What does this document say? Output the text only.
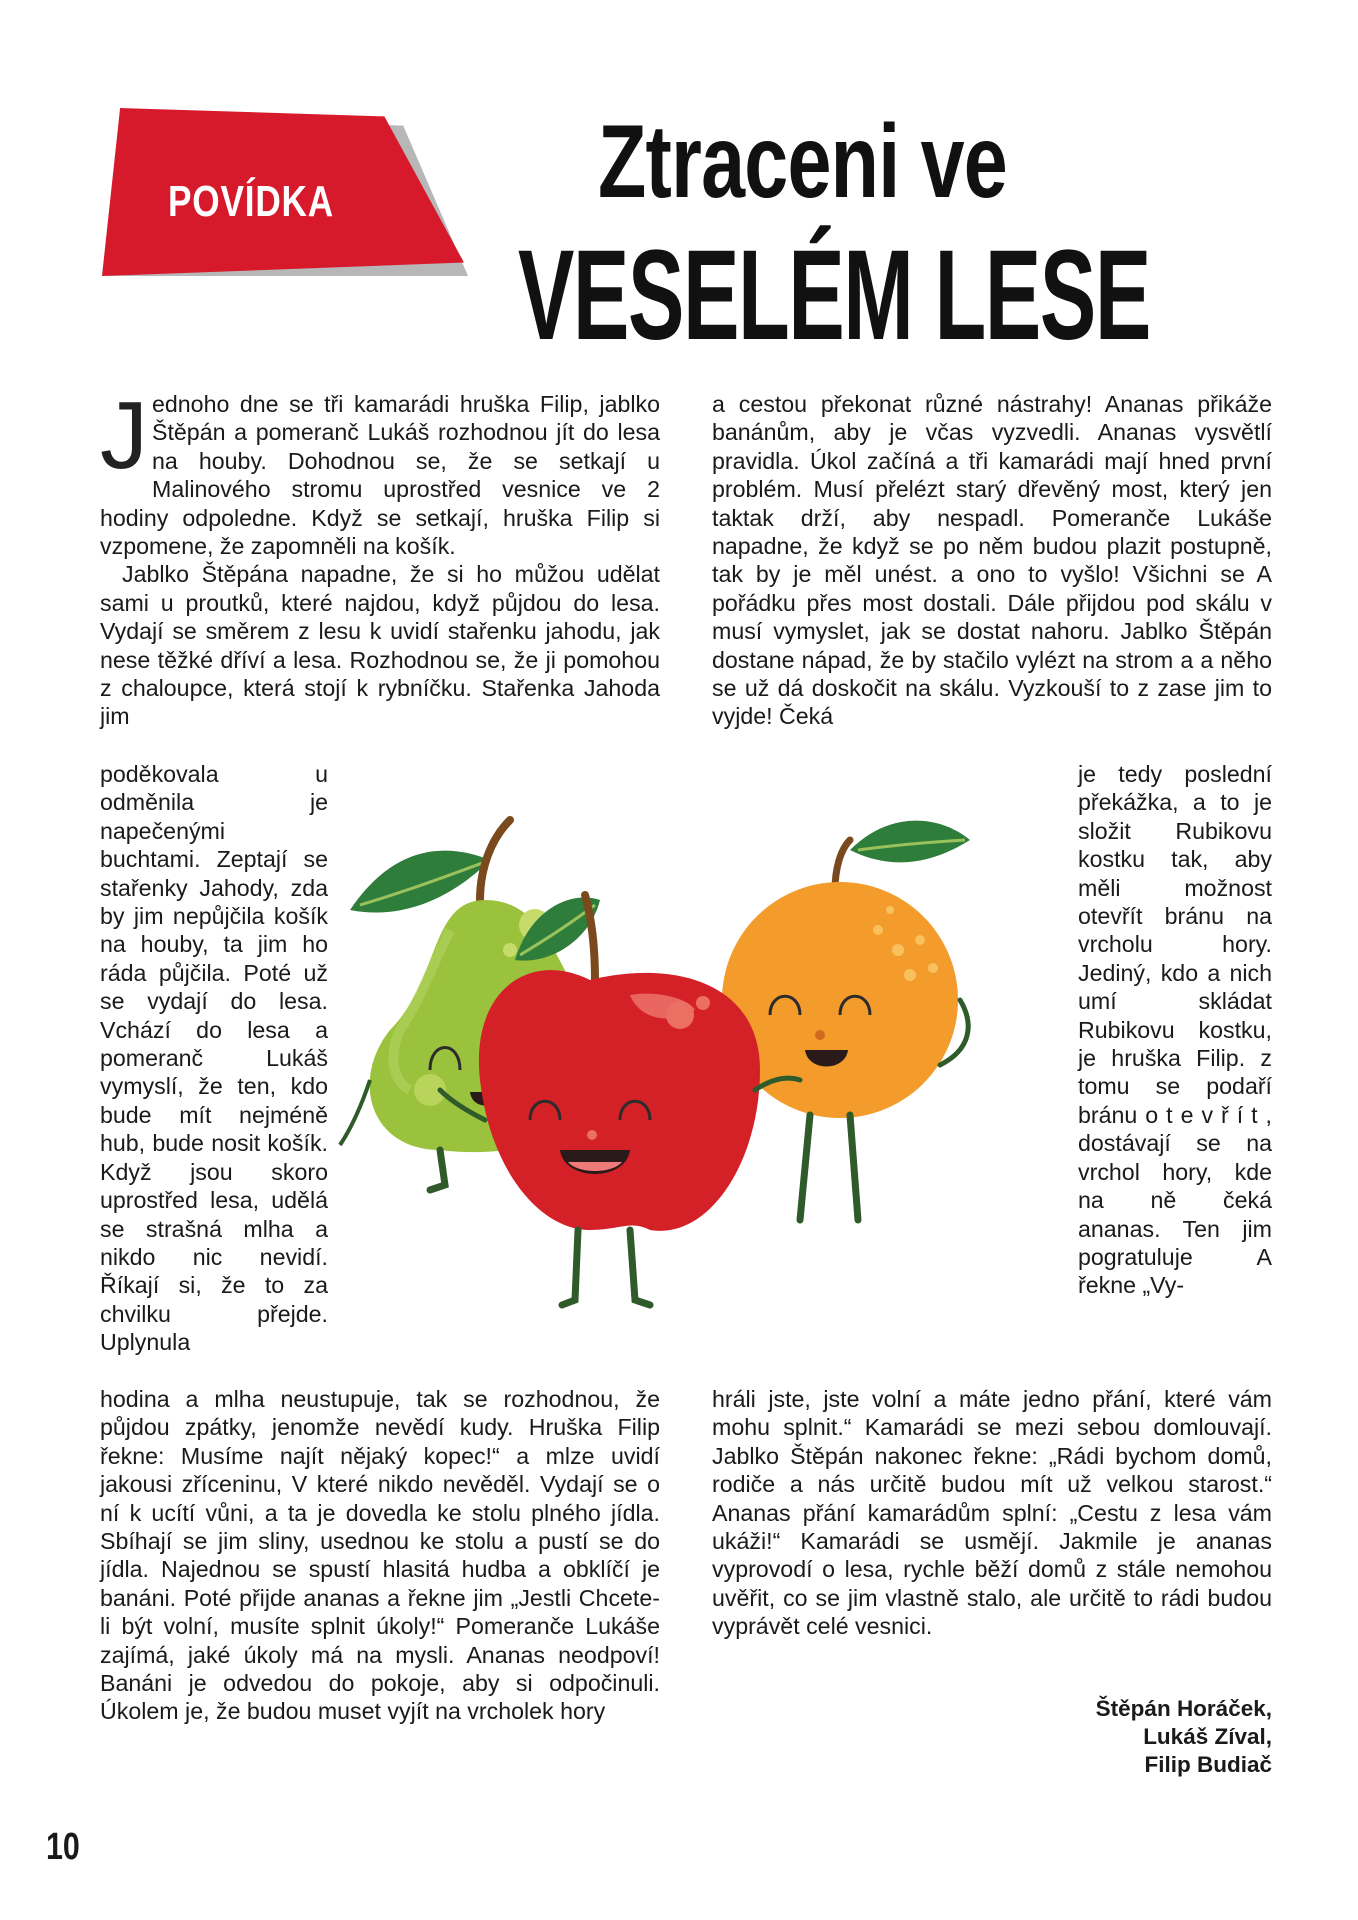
POVÍDKA	Ztraceni ve
VESELÉM LESE

Jednoho dne se tři kamarádi hruška Filip, jablko Štěpán a pomeranč Lukáš rozhodnou jít do lesa na houby. Dohodnou se, že se setkají u Malinového stromu uprostřed vesnice ve 2 hodiny odpoledne. Když se setkají, hruška Filip si vzpomene, že zapomněli na košík.

Jablko Štěpána napadne, že si ho můžou udělat sami u proutků, které najdou, když půjdou do lesa. Vydají se směrem z lesu k uvidí stařenku jahodu, jak nese těžké dříví a lesa. Rozhodnou se, že ji pomohou z chaloupce, která stojí k rybníčku. Stařenka Jahoda jim

poděkovala u odměnila je napečenými buchtami. Zeptají se stařenky Jahody, zda by jim nepůjčila košík na houby, ta jim ho ráda půjčila. Poté už se vydají do lesa. Vchází do lesa a pomeranč Lukáš vymyslí, že ten, kdo bude mít nejméně hub, bude nosit košík. Když jsou skoro uprostřed lesa, udělá se strašná mlha a nikdo nic nevidí. Říkají si, že to za chvilku přejde. Uplynula
hodina a mlha neustupuje, tak se rozhodnou, že půjdou zpátky, jenomže nevědí kudy. Hruška Filip řekne: Musíme najít nějaký kopec!“ a mlze uvidí jakousi zříceninu, V které nikdo nevěděl. Vydají se o ní k ucítí vůni, a ta je dovedla ke stolu plného jídla. Sbíhají se jim sliny, usednou ke stolu a pustí se do jídla. Najednou se spustí hlasitá hudba a obklíčí je banáni. Poté přijde ananas a řekne jim „Jestli Chcete-li být volní, musíte splnit úkoly!“ Pomeranče Lukáše zajímá, jaké úkoly má na mysli. Ananas neodpoví! Banáni je odvedou do pokoje, aby si odpočinuli. Úkolem je, že budou muset vyjít na vrcholek hory
a cestou překonat různé nástrahy! Ananas přikáže banánům, aby je včas vyzvedli. Ananas vysvětlí pravidla. Úkol začíná a tři kamarádi mají hned první problém. Musí přelézt starý dřevěný most, který jen taktak drží, aby nespadl. Pomeranče Lukáše napadne, že když se po něm budou plazit postupně, tak by je měl unést. a ono to vyšlo! Všichni se A pořádku přes most dostali. Dále přijdou pod skálu v musí vymyslet, jak se dostat nahoru. Jablko Štěpán dostane nápad, že by stačilo vylézt na strom a a něho se už dá doskočit na skálu. Vyzkouší to z zase jim to vyjde! Čeká
je tedy poslední překážka, a to je složit Rubikovu kostku tak, aby měli možnost otevřít bránu na vrcholu hory. Jediný, kdo a nich umí skládat Rubikovu kostku, je hruška Filip. z tomu se podaří bránu o t e v ř í t , dostávají se na vrchol hory, kde na ně čeká ananas. Ten jim pogratuluje A řekne „Vy-
hráli jste, jste volní a máte jedno přání, které vám mohu splnit.“ Kamarádi se mezi sebou domlouvají. Jablko Štěpán nakonec řekne: „Rádi bychom domů, rodiče a nás určitě budou mít už velkou starost.“ Ananas přání kamarádům splní: „Cestu z lesa vám ukáži!“ Kamarádi se usmějí. Jakmile je ananas vyprovodí o lesa, rychle běží domů z stále nemohou uvěřit, co se jim vlastně stalo, ale určitě to rádi budou vyprávět celé vesnici.
Štěpán Horáček,
Lukáš Zíval,
Filip Budiač
10
